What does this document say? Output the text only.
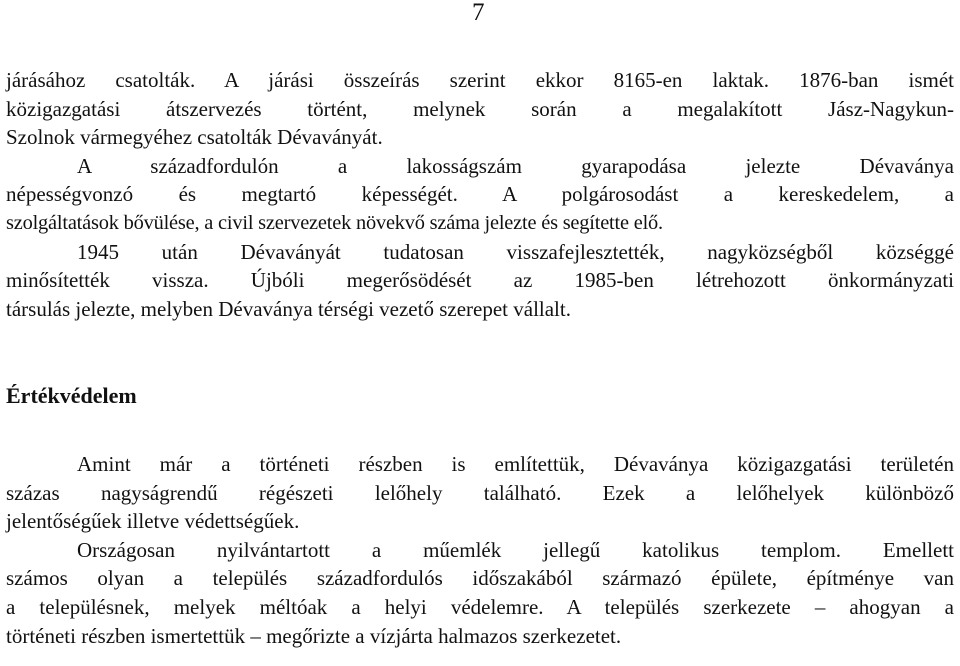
7

járásához csatolták. A járási összeírás szerint ekkor 8165-en laktak. 1876-ban ismét
közigazgatási átszervezés történt, melynek során a megalakított Jász-Nagykun-
Szolnok vármegyéhez csatolták Dévaványát.

A századfordulón a lakosságszám gyarapodása jelezte Dévaványa
népességvonzó és megtartó képességét. A polgárosodást a kereskedelem, a
szolgáltatások bővülése, a civil szervezetek növekvő száma jelezte és segítette elő.

1945 után Dévaványát tudatosan visszafejlesztették, nagyközségből községgé
minősítették vissza. Újbóli megerősödését az 1985-ben létrehozott önkormányzati
társulás jelezte, melyben Dévaványa térségi vezető szerepet vállalt.

Értékvédelem

Amint már a történeti részben is említettük, Dévaványa közigazgatási területén
százas nagyságrendű régészeti lelőhely található. Ezek a lelőhelyek különböző
jelentőségűek illetve védettségűek.

Országosan nyilvántartott a műemlék jellegű katolikus templom. Emellett
számos olyan a település századfordulós időszakából származó épülete, építménye van
a településnek, melyek méltóak a helyi védelemre. A település szerkezete – ahogyan a
történeti részben ismertettük – megőrizte a vízjárta halmazos szerkezetet.
